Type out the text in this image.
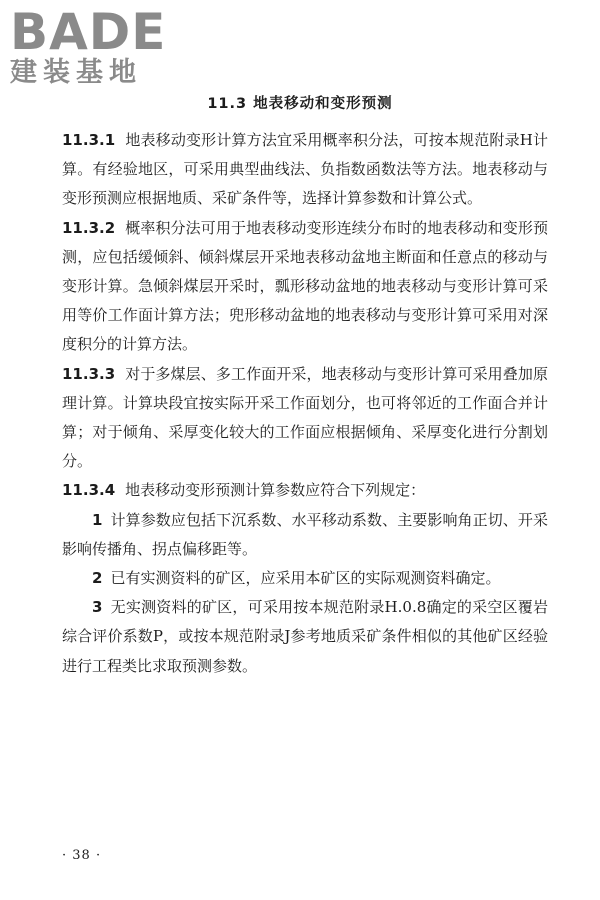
BADE
建装基地
11.3 地表移动和变形预测

11.3.1 地表移动变形计算方法宜采用概率积分法，可按本规范附录H计算。有经验地区，可采用典型曲线法、负指数函数法等方法。地表移动与变形预测应根据地质、采矿条件等，选择计算参数和计算公式。

11.3.2 概率积分法可用于地表移动变形连续分布时的地表移动和变形预测，应包括缓倾斜、倾斜煤层开采地表移动盆地主断面和任意点的移动与变形计算。急倾斜煤层开采时，瓢形移动盆地的地表移动与变形计算可采用等价工作面计算方法；兜形移动盆地的地表移动与变形计算可采用对深度积分的计算方法。

11.3.3 对于多煤层、多工作面开采，地表移动与变形计算可采用叠加原理计算。计算块段宜按实际开采工作面划分，也可将邻近的工作面合并计算；对于倾角、采厚变化较大的工作面应根据倾角、采厚变化进行分割划分。

11.3.4 地表移动变形预测计算参数应符合下列规定：

1 计算参数应包括下沉系数、水平移动系数、主要影响角正切、开采影响传播角、拐点偏移距等。

2 已有实测资料的矿区，应采用本矿区的实际观测资料确定。

3 无实测资料的矿区，可采用按本规范附录H.0.8确定的采空区覆岩综合评价系数P，或按本规范附录J参考地质采矿条件相似的其他矿区经验进行工程类比求取预测参数。

· 38 ·
